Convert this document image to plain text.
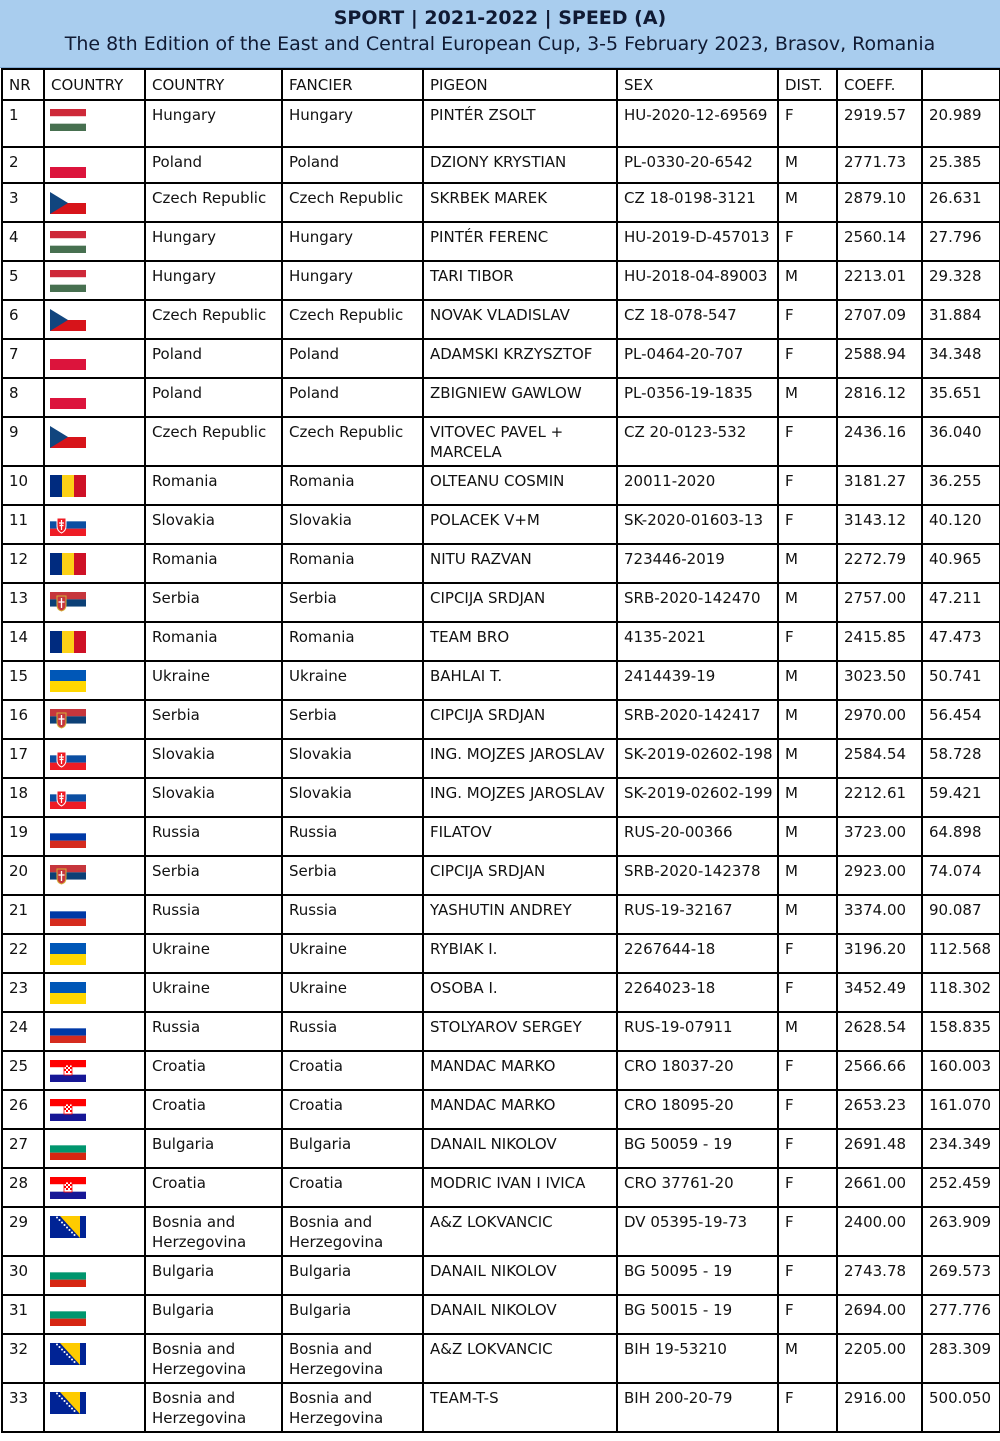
SPORT | 2021-2022 | SPEED (A)
The 8th Edition of the East and Central European Cup, 3-5 February 2023, Brasov, Romania
NR	COUNTRY	COUNTRY	FANCIER	PIGEON	SEX	DIST.	COEFF.	
1		Hungary	Hungary	PINTÉR ZSOLT	HU-2020-12-69569	F	2919.57	20.989
2		Poland	Poland	DZIONY KRYSTIAN	PL-0330-20-6542	M	2771.73	25.385
3		Czech Republic	Czech Republic	SKRBEK MAREK	CZ 18-0198-3121	M	2879.10	26.631
4		Hungary	Hungary	PINTÉR FERENC	HU-2019-D-457013	F	2560.14	27.796
5		Hungary	Hungary	TARI TIBOR	HU-2018-04-89003	M	2213.01	29.328
6		Czech Republic	Czech Republic	NOVAK VLADISLAV	CZ 18-078-547	F	2707.09	31.884
7		Poland	Poland	ADAMSKI KRZYSZTOF	PL-0464-20-707	F	2588.94	34.348
8		Poland	Poland	ZBIGNIEW GAWLOW	PL-0356-19-1835	M	2816.12	35.651
9		Czech Republic	Czech Republic	VITOVEC PAVEL + MARCELA	CZ 20-0123-532	F	2436.16	36.040
10		Romania	Romania	OLTEANU COSMIN	20011-2020	F	3181.27	36.255
11		Slovakia	Slovakia	POLACEK V+M	SK-2020-01603-13	F	3143.12	40.120
12		Romania	Romania	NITU RAZVAN	723446-2019	M	2272.79	40.965
13		Serbia	Serbia	CIPCIJA SRDJAN	SRB-2020-142470	M	2757.00	47.211
14		Romania	Romania	TEAM BRO	4135-2021	F	2415.85	47.473
15		Ukraine	Ukraine	BAHLAI T.	2414439-19	M	3023.50	50.741
16		Serbia	Serbia	CIPCIJA SRDJAN	SRB-2020-142417	M	2970.00	56.454
17		Slovakia	Slovakia	ING. MOJZES JAROSLAV	SK-2019-02602-198	M	2584.54	58.728
18		Slovakia	Slovakia	ING. MOJZES JAROSLAV	SK-2019-02602-199	M	2212.61	59.421
19		Russia	Russia	FILATOV	RUS-20-00366	M	3723.00	64.898
20		Serbia	Serbia	CIPCIJA SRDJAN	SRB-2020-142378	M	2923.00	74.074
21		Russia	Russia	YASHUTIN ANDREY	RUS-19-32167	M	3374.00	90.087
22		Ukraine	Ukraine	RYBIAK I.	2267644-18	F	3196.20	112.568
23		Ukraine	Ukraine	OSOBA I.	2264023-18	F	3452.49	118.302
24		Russia	Russia	STOLYAROV SERGEY	RUS-19-07911	M	2628.54	158.835
25		Croatia	Croatia	MANDAC MARKO	CRO 18037-20	F	2566.66	160.003
26		Croatia	Croatia	MANDAC MARKO	CRO 18095-20	F	2653.23	161.070
27		Bulgaria	Bulgaria	DANAIL NIKOLOV	BG 50059 - 19	F	2691.48	234.349
28		Croatia	Croatia	MODRIC IVAN I IVICA	CRO 37761-20	F	2661.00	252.459
29		Bosnia and Herzegovina	Bosnia and Herzegovina	A&Z LOKVANCIC	DV 05395-19-73	F	2400.00	263.909
30		Bulgaria	Bulgaria	DANAIL NIKOLOV	BG 50095 - 19	F	2743.78	269.573
31		Bulgaria	Bulgaria	DANAIL NIKOLOV	BG 50015 - 19	F	2694.00	277.776
32		Bosnia and Herzegovina	Bosnia and Herzegovina	A&Z LOKVANCIC	BIH 19-53210	M	2205.00	283.309
33		Bosnia and Herzegovina	Bosnia and Herzegovina	TEAM-T-S	BIH 200-20-79	F	2916.00	500.050
